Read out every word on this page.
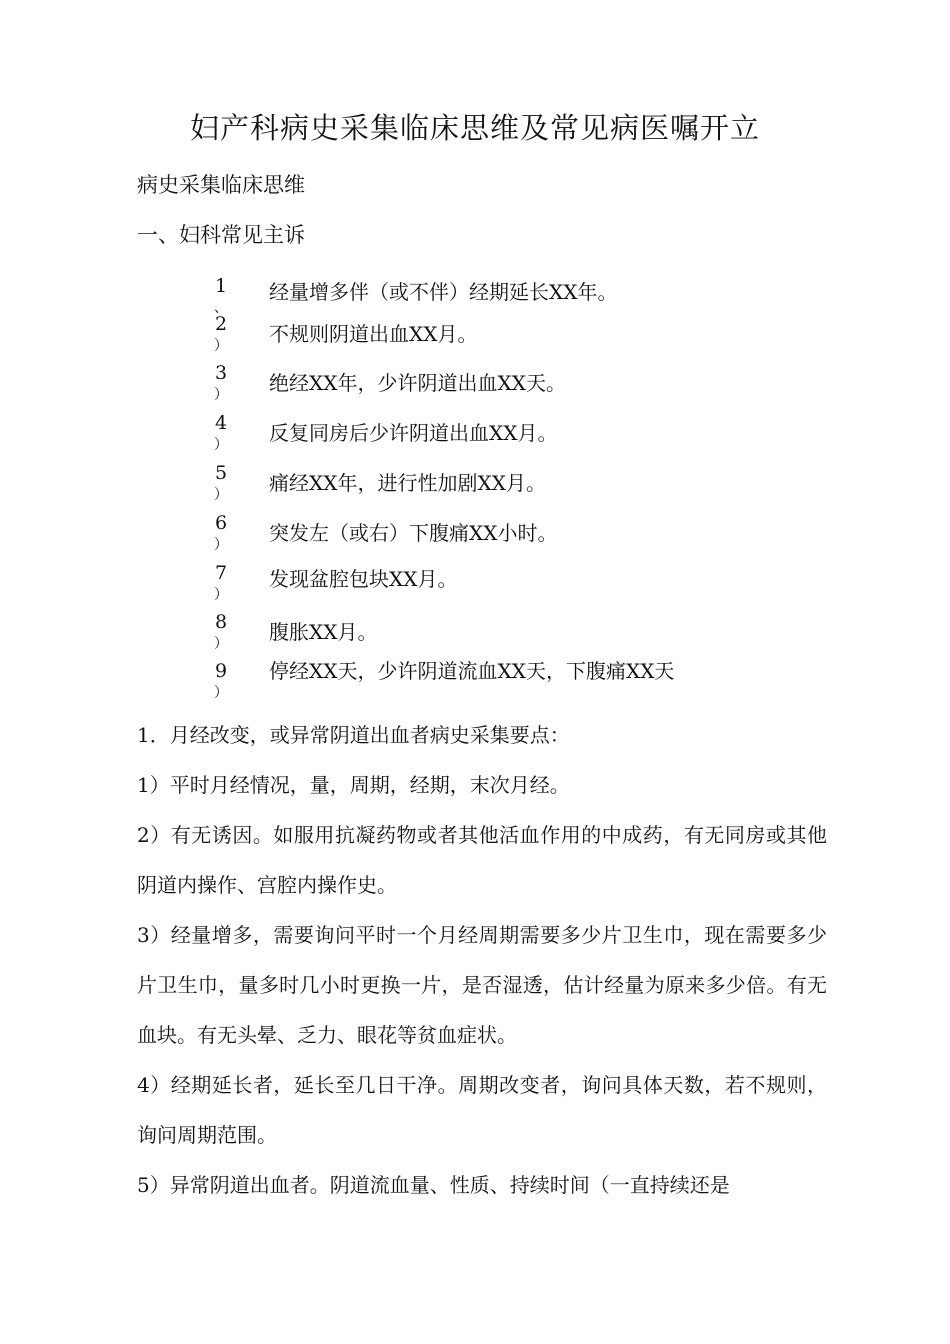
妇产科病史采集临床思维及常见病医嘱开立
病史采集临床思维
一、妇科常见主诉
1
、
经量增多伴（或不伴）经期延长XX年。
2
） 不规则阴道出血XX月。
3
） 绝经XX年，少许阴道出血XX天。
4
） 反复同房后少许阴道出血XX月。
5
） 痛经XX年，进行性加剧XX月。
6
） 突发左（或右）下腹痛XX小时。
7
）
发现盆腔包块XX月。
8
） 腹胀XX月。
9
）
停经XX天，少许阴道流血XX天，下腹痛XX天

1．月经改变，或异常阴道出血者病史采集要点：

1）平时月经情况，量，周期，经期，末次月经。

2）有无诱因。如服用抗凝药物或者其他活血作用的中成药，有无同房或其他阴道内操作、宫腔内操作史。

3）经量增多，需要询问平时一个月经周期需要多少片卫生巾，现在需要多少片卫生巾，量多时几小时更换一片，是否湿透，估计经量为原来多少倍。有无血块。有无头晕、乏力、眼花等贫血症状。

4）经期延长者，延长至几日干净。周期改变者，询问具体天数，若不规则，询问周期范围。

5）异常阴道出血者。阴道流血量、性质、持续时间（一直持续还是
